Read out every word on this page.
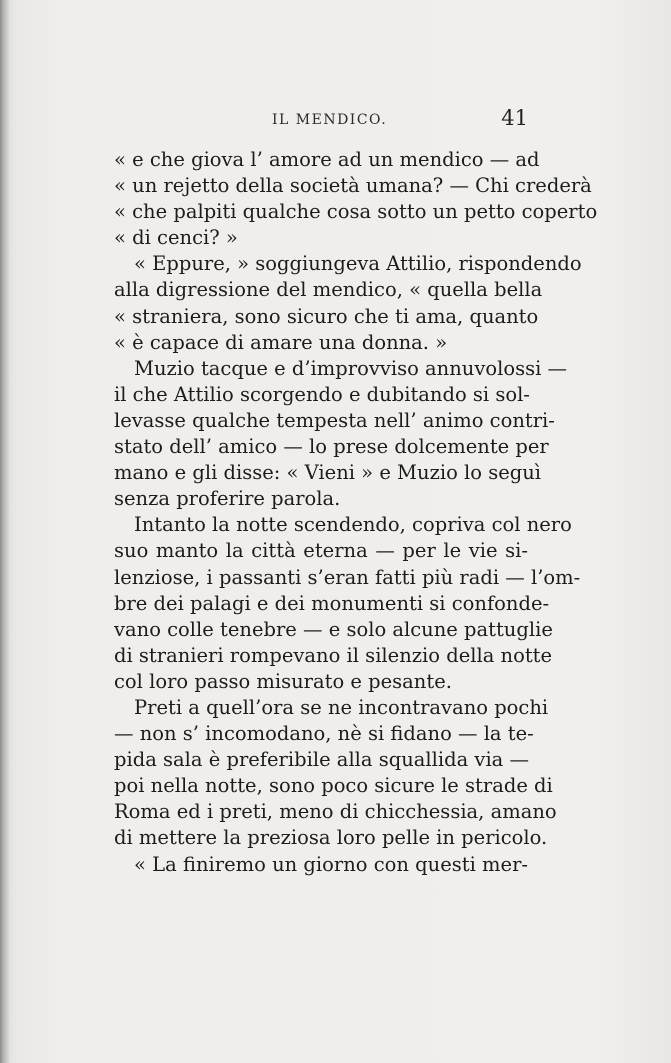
IL MENDICO.	41
« e che giova l’ amore ad un mendico — ad
« un rejetto della società umana? — Chi crederà
« che palpiti qualche cosa sotto un petto coperto
« di cenci? »
« Eppure, » soggiungeva Attilio, rispondendo
alla digressione del mendico, « quella bella
« straniera, sono sicuro che ti ama, quanto
« è capace di amare una donna. »
Muzio tacque e d’improvviso annuvolossi —
il che Attilio scorgendo e dubitando si sol-
levasse qualche tempesta nell’ animo contri-
stato dell’ amico — lo prese dolcemente per
mano e gli disse: « Vieni » e Muzio lo seguì
senza proferire parola.
Intanto la notte scendendo, copriva col nero
suo manto la città eterna — per le vie si-
lenziose, i passanti s’eran fatti più radi — l’om-
bre dei palagi e dei monumenti si confonde-
vano colle tenebre — e solo alcune pattuglie
di stranieri rompevano il silenzio della notte
col loro passo misurato e pesante.
Preti a quell’ora se ne incontravano pochi
— non s’ incomodano, nè si fidano — la te-
pida sala è preferibile alla squallida via —
poi nella notte, sono poco sicure le strade di
Roma ed i preti, meno di chicchessia, amano
di mettere la preziosa loro pelle in pericolo.
« La finiremo un giorno con questi mer-
